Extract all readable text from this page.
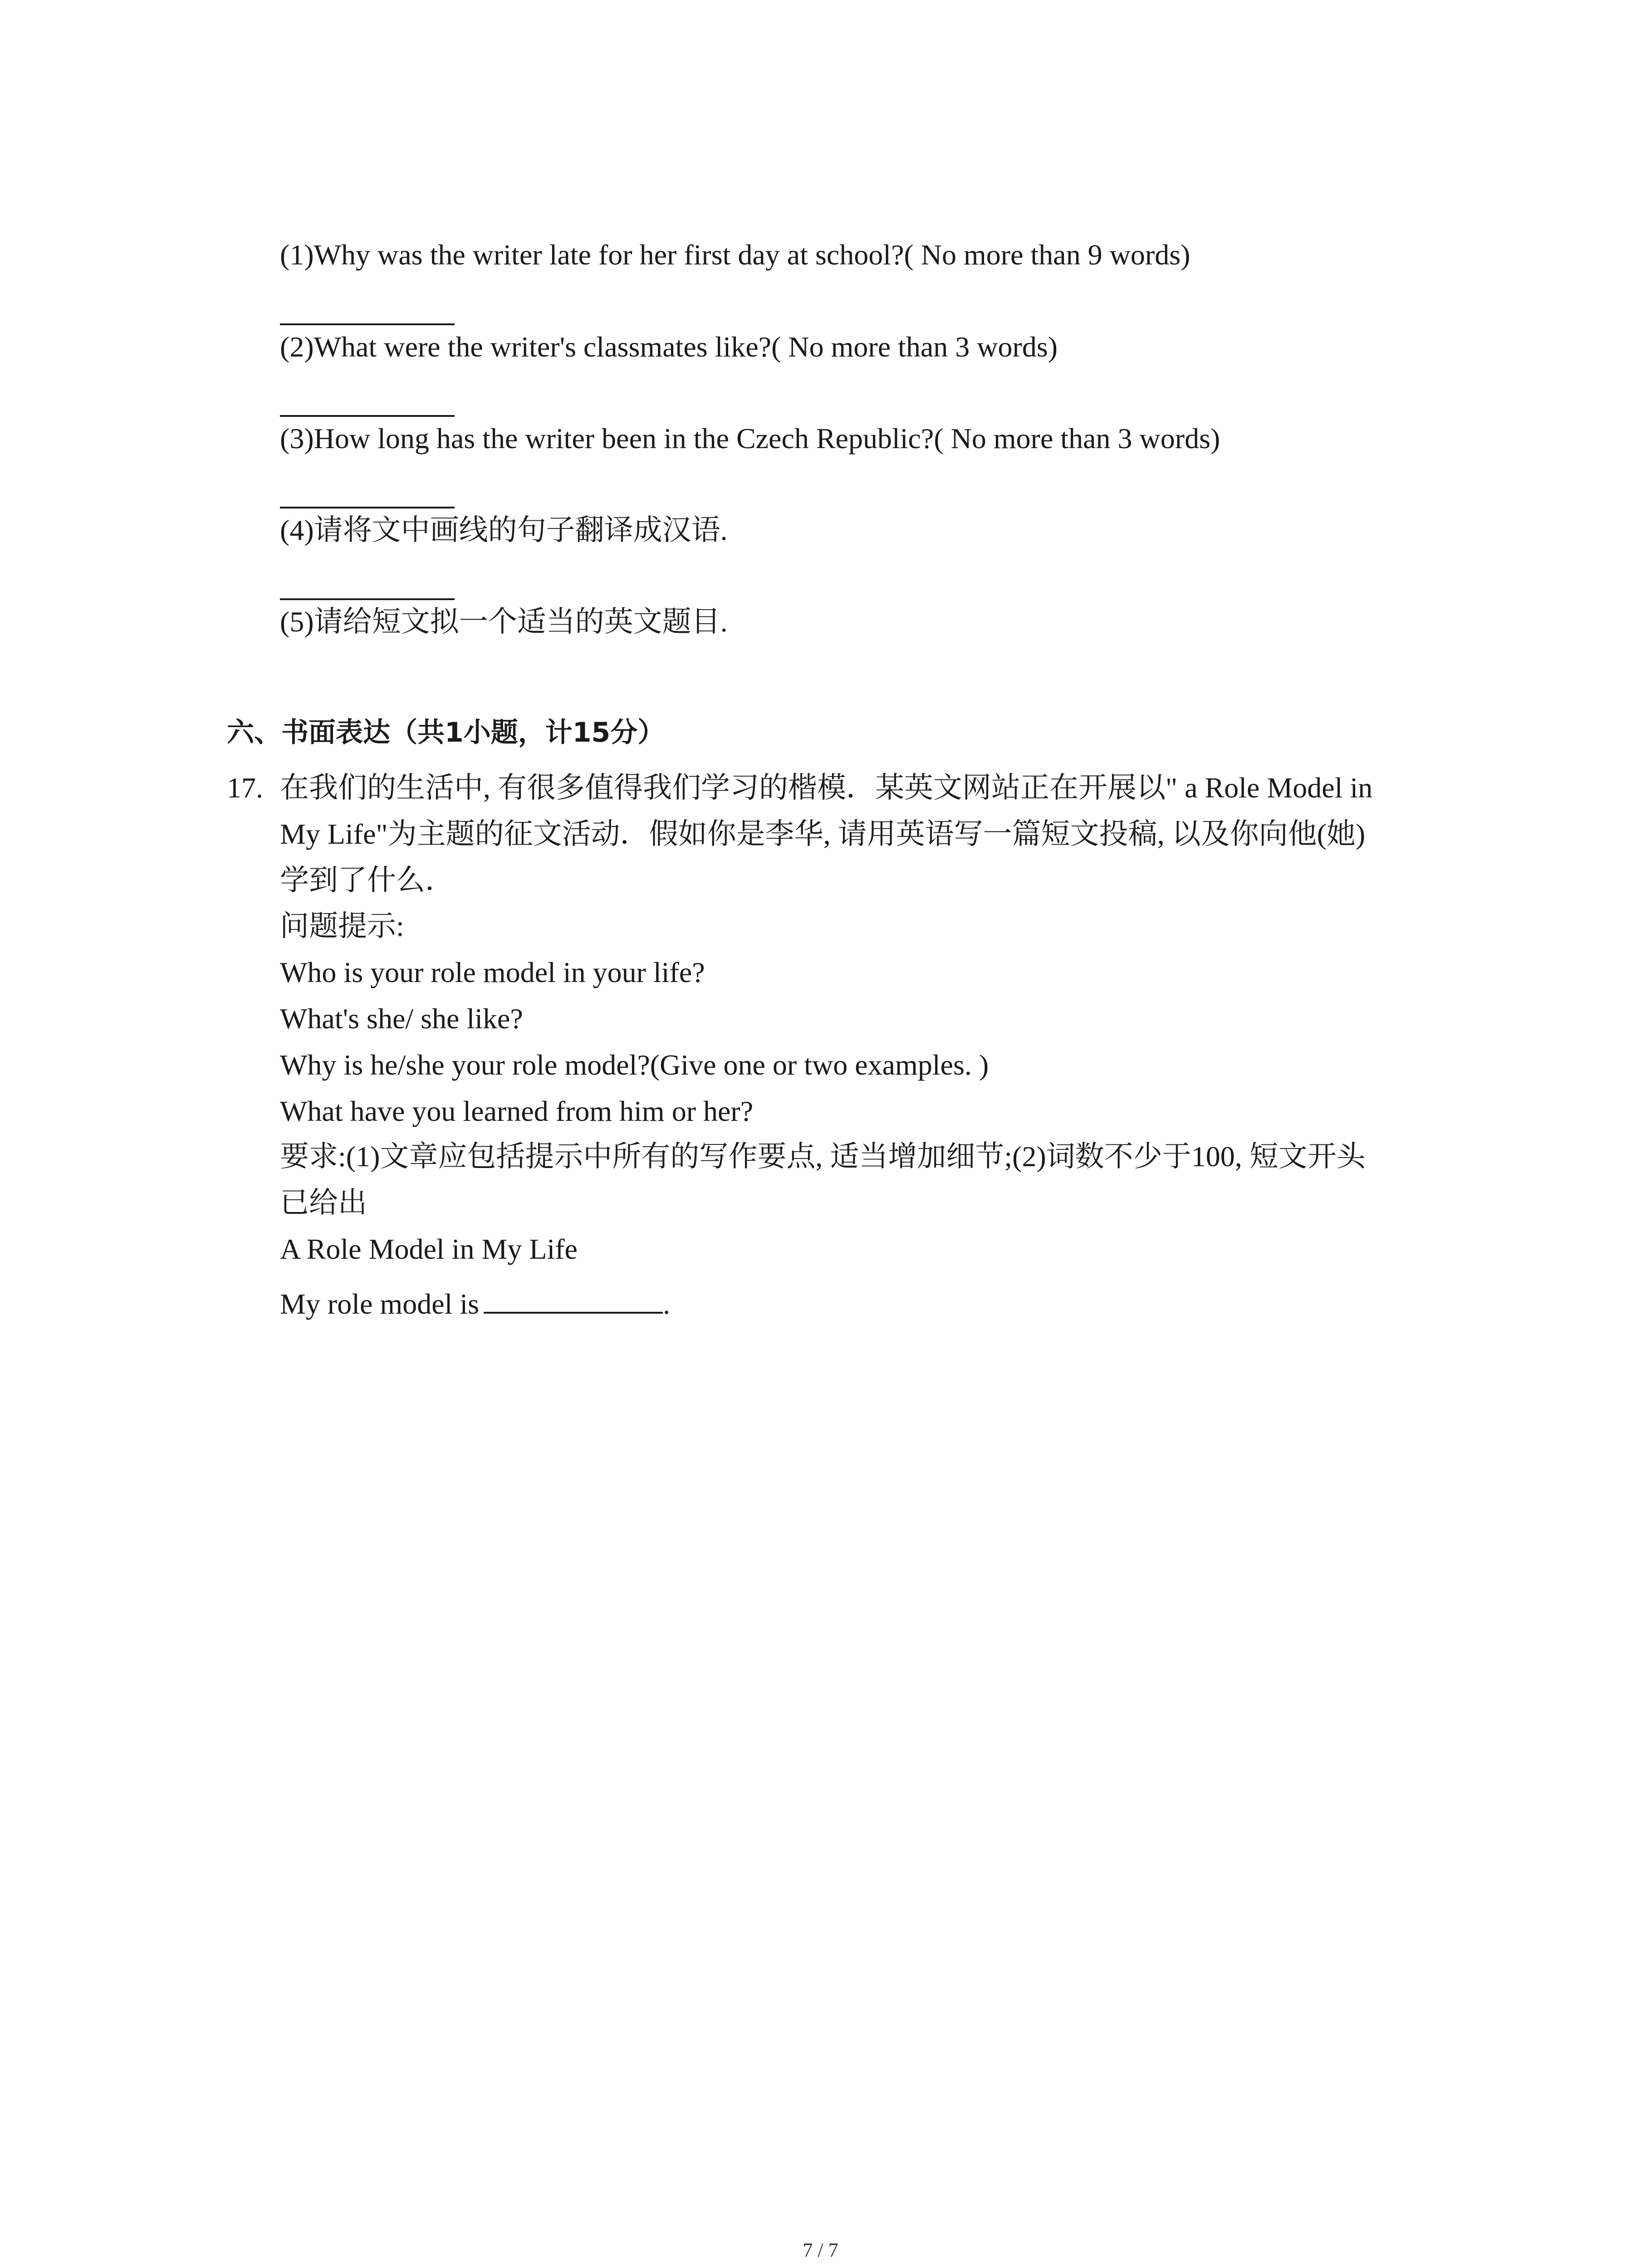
(1)Why was the writer late for her first day at school?( No more than 9 words)
(2)What were the writer's classmates like?( No more than 3 words)
(3)How long has the writer been in the Czech Republic?( No more than 3 words)
(4)请将文中画线的句子翻译成汉语.
(5)请给短文拟一个适当的英文题目.
六、书面表达（共1小题，计15分）
17. 在我们的生活中, 有很多值得我们学习的楷模．某英文网站正在开展以" a Role Model in
My Life"为主题的征文活动．假如你是李华, 请用英语写一篇短文投稿, 以及你向他(她)
学到了什么．
问题提示:
Who is your role model in your life?
What's she/ she like?
Why is he/she your role model?(Give one or two examples. )
What have you learned from him or her?
要求:(1)文章应包括提示中所有的写作要点, 适当增加细节;(2)词数不少于100, 短文开头
已给出
A Role Model in My Life
My role model is	.
7 / 7
